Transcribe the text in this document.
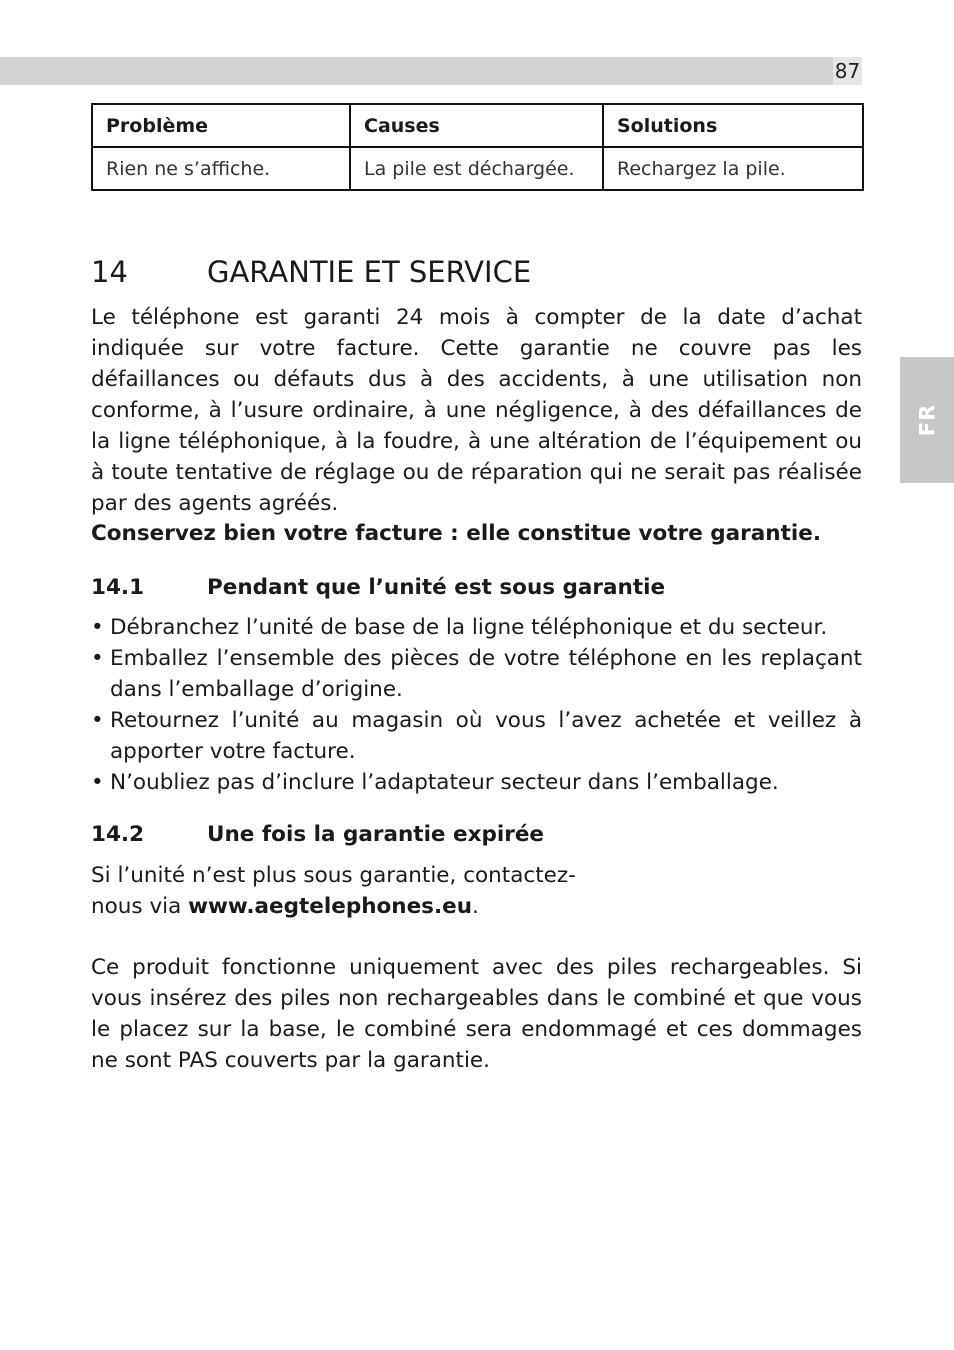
87
FR
Problème	Causes	Solutions
Rien ne s’affiche.	La pile est déchargée.	Rechargez la pile.
14	GARANTIE ET SERVICE

Le téléphone est garanti 24 mois à compter de la date d’achat indiquée sur votre facture. Cette garantie ne couvre pas les défaillances ou défauts dus à des accidents, à une utilisation non conforme, à l’usure ordinaire, à une négligence, à des défaillances de la ligne téléphonique, à la foudre, à une altération de l’équipement ou à toute tentative de réglage ou de réparation qui ne serait pas réalisée par des agents agréés.

Conservez bien votre facture : elle constitue votre garantie.

14.1	Pendant que l’unité est sous garantie
• Débranchez l’unité de base de la ligne téléphonique et du secteur.
• Emballez l’ensemble des pièces de votre téléphone en les replaçant dans l’emballage d’origine.
• Retournez l’unité au magasin où vous l’avez achetée et veillez à apporter votre facture.
• N’oubliez pas d’inclure l’adaptateur secteur dans l’emballage.
14.2	Une fois la garantie expirée

Si l’unité n’est plus sous garantie, contactez-
nous via www.aegtelephones.eu.

Ce produit fonctionne uniquement avec des piles rechargeables. Si vous insérez des piles non rechargeables dans le combiné et que vous le placez sur la base, le combiné sera endommagé et ces dommages ne sont PAS couverts par la garantie.
